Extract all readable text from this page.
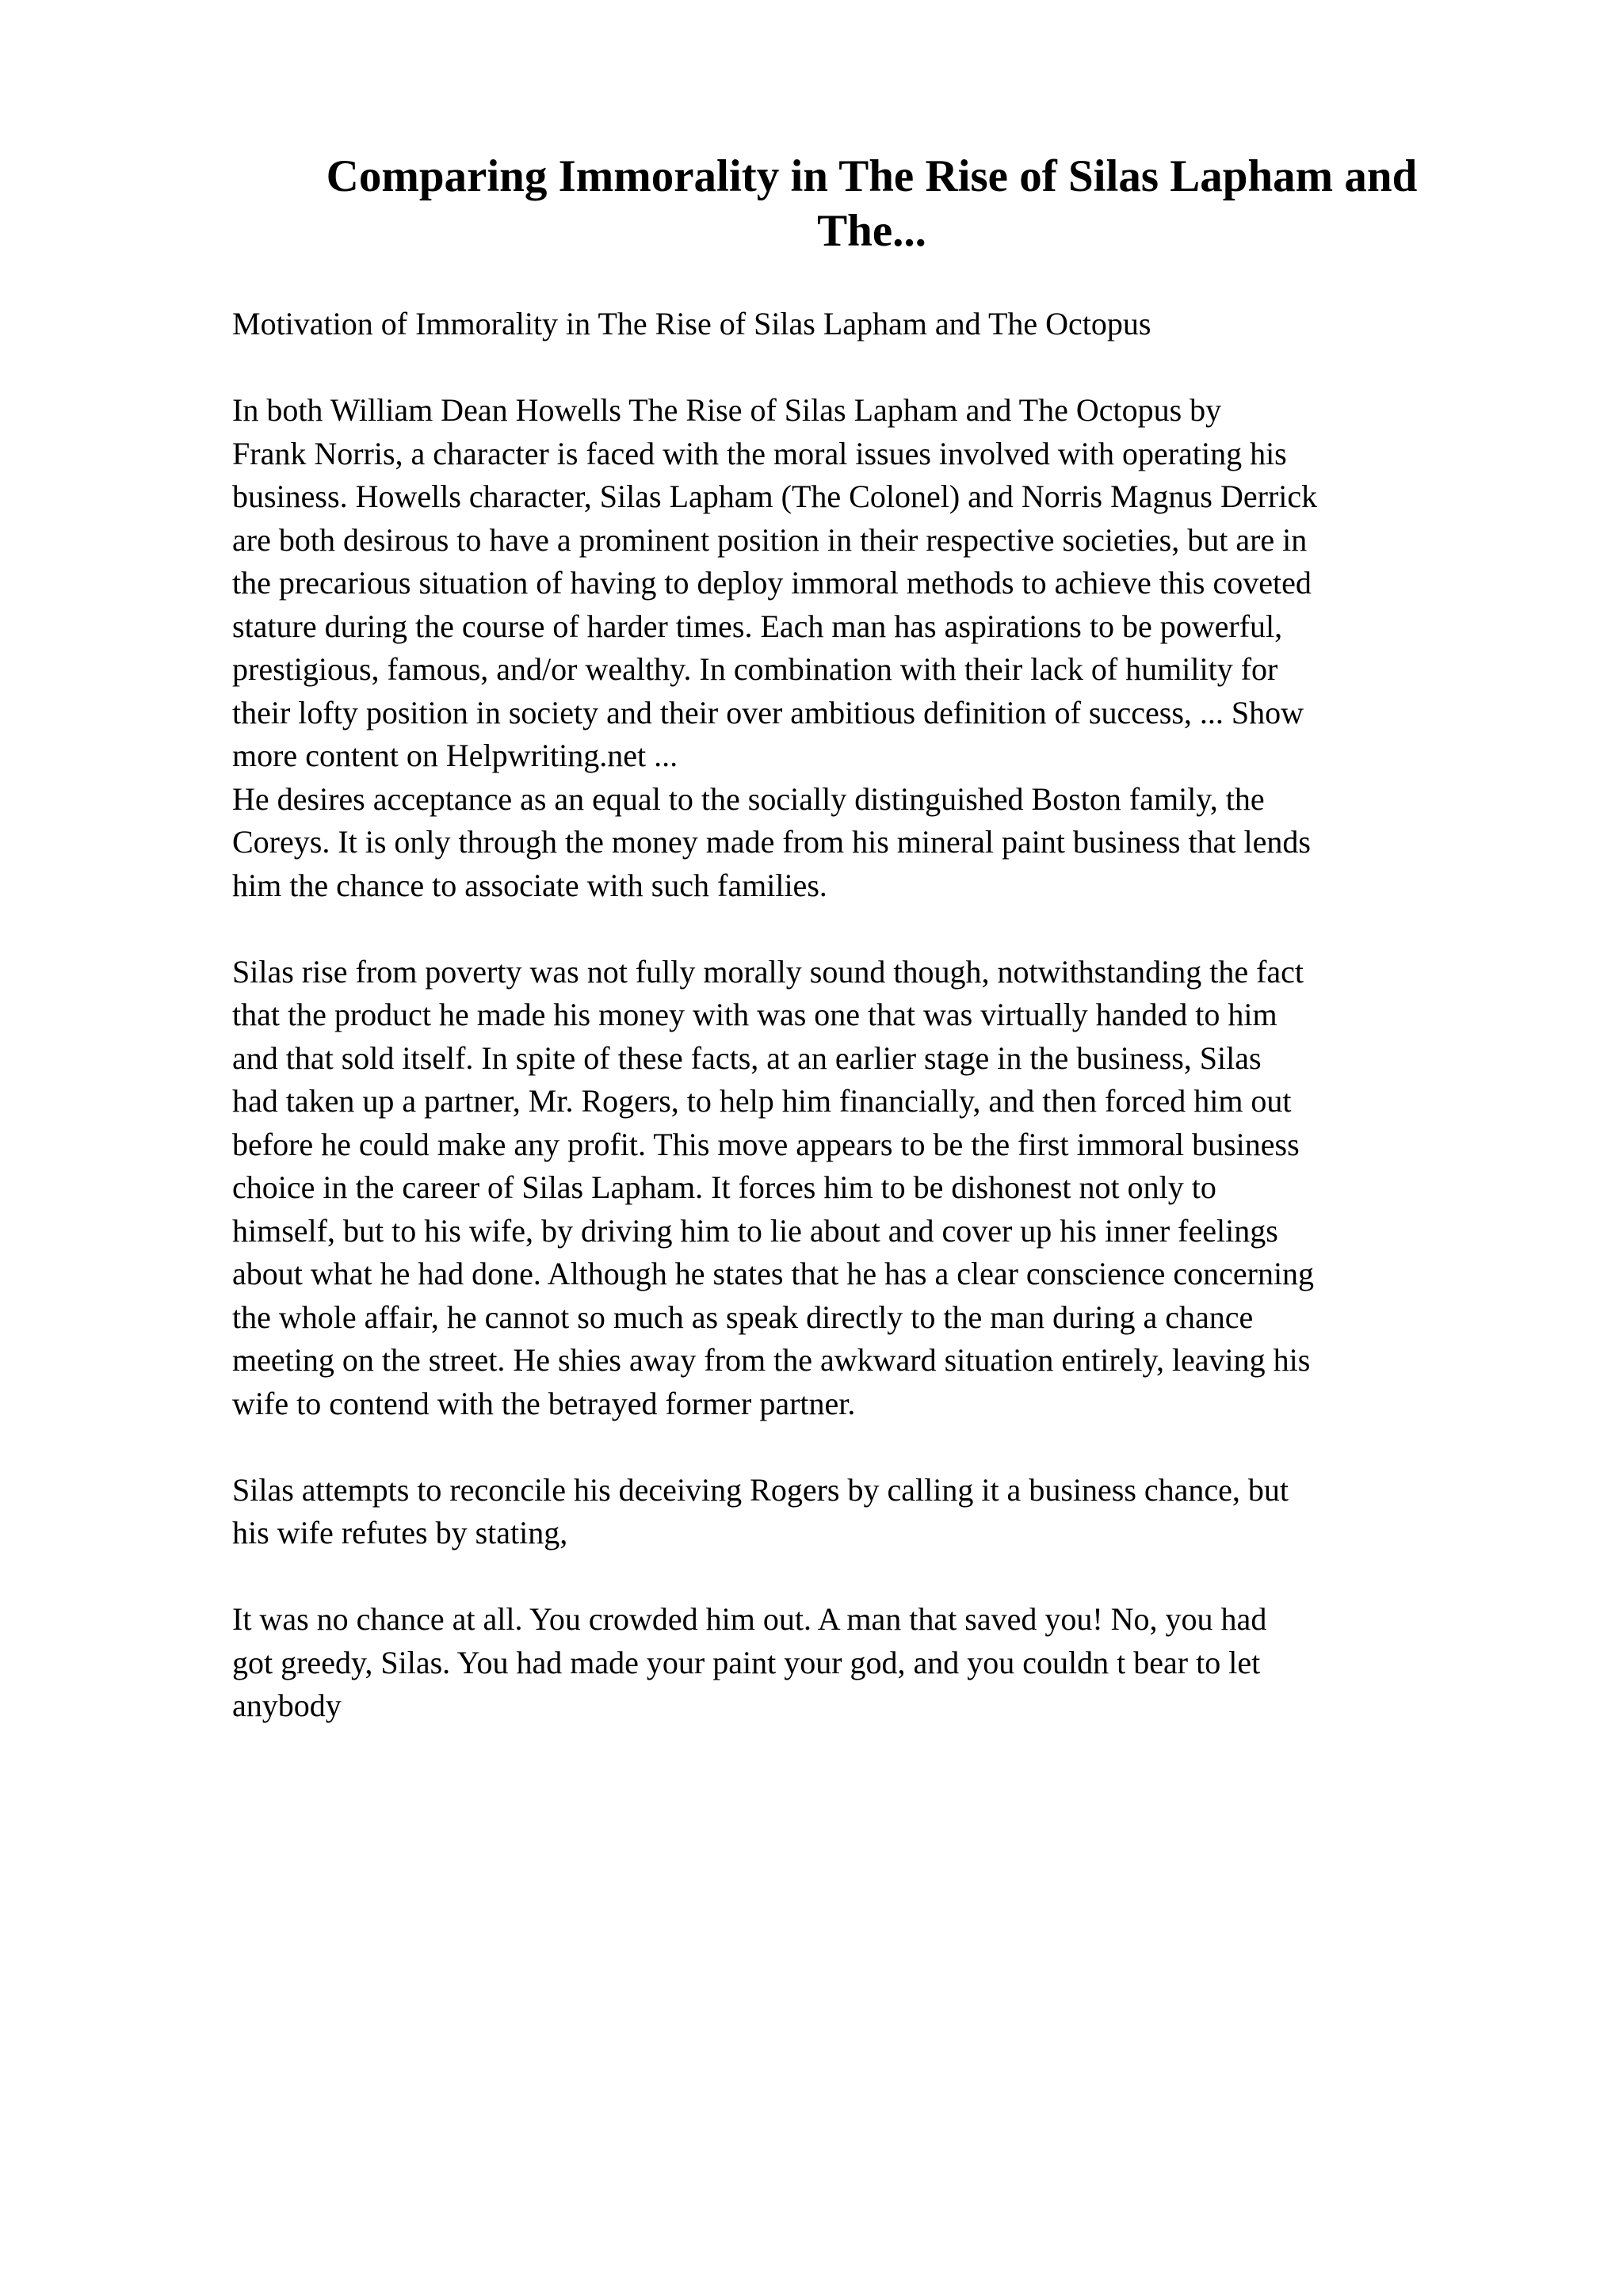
Comparing Immorality in The Rise of Silas Lapham and
The...
Motivation of Immorality in The Rise of Silas Lapham and The Octopus
In both William Dean Howells The Rise of Silas Lapham and The Octopus by
Frank Norris, a character is faced with the moral issues involved with operating his
business. Howells character, Silas Lapham (The Colonel) and Norris Magnus Derrick
are both desirous to have a prominent position in their respective societies, but are in
the precarious situation of having to deploy immoral methods to achieve this coveted
stature during the course of harder times. Each man has aspirations to be powerful,
prestigious, famous, and/or wealthy. In combination with their lack of humility for
their lofty position in society and their over ambitious definition of success, ... Show
more content on Helpwriting.net ...
He desires acceptance as an equal to the socially distinguished Boston family, the
Coreys. It is only through the money made from his mineral paint business that lends
him the chance to associate with such families.
Silas rise from poverty was not fully morally sound though, notwithstanding the fact
that the product he made his money with was one that was virtually handed to him
and that sold itself. In spite of these facts, at an earlier stage in the business, Silas
had taken up a partner, Mr. Rogers, to help him financially, and then forced him out
before he could make any profit. This move appears to be the first immoral business
choice in the career of Silas Lapham. It forces him to be dishonest not only to
himself, but to his wife, by driving him to lie about and cover up his inner feelings
about what he had done. Although he states that he has a clear conscience concerning
the whole affair, he cannot so much as speak directly to the man during a chance
meeting on the street. He shies away from the awkward situation entirely, leaving his
wife to contend with the betrayed former partner.
Silas attempts to reconcile his deceiving Rogers by calling it a business chance, but
his wife refutes by stating,
It was no chance at all. You crowded him out. A man that saved you! No, you had
got greedy, Silas. You had made your paint your god, and you couldn t bear to let
anybody
